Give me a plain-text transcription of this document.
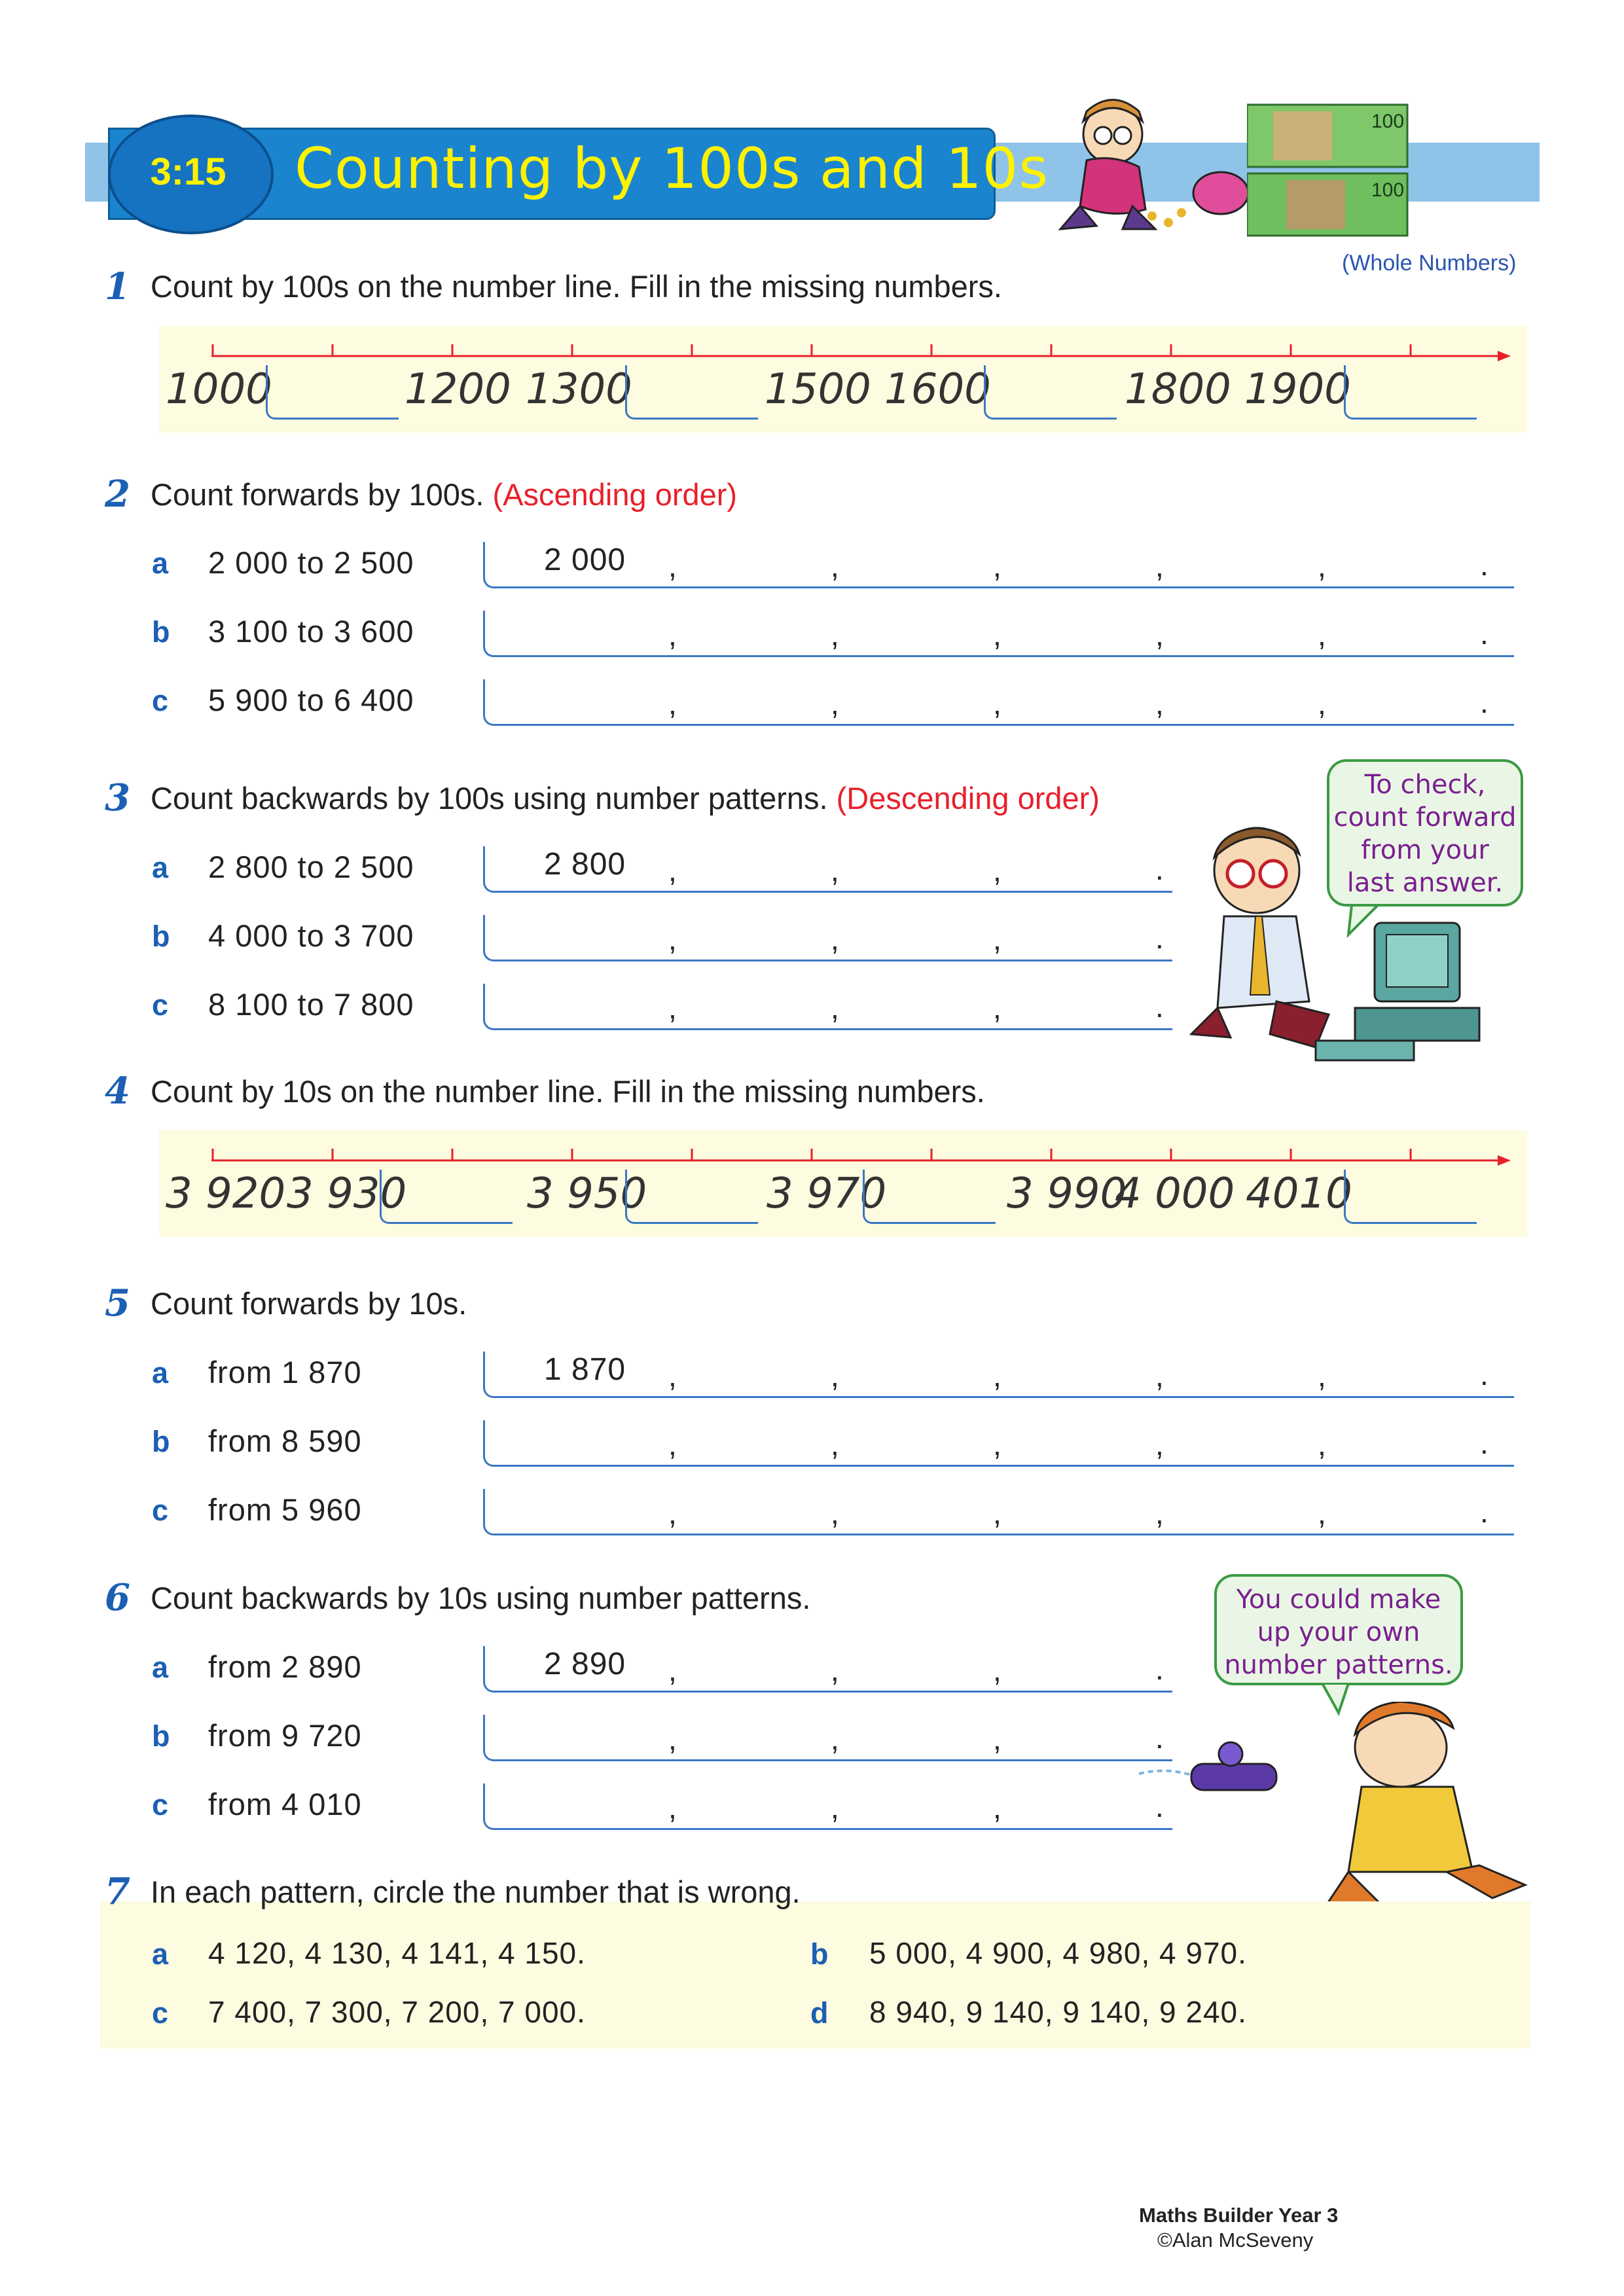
3:15	Counting by 100s and 10s
100
100
(Whole Numbers)
1 Count by 100s on the number line. Fill in the missing numbers.
1000	1200 1300	1500 1600	1800 1900
2 Count forwards by 100s. (Ascending order)
a 2 000 to 2 500	2 000 ,	,	,	,	,	.
b 3 100 to 3 600	,	,	,	,	,	.
c 5 900 to 6 400	,	,	,	,	,	.
3 Count backwards by 100s using number patterns. (Descending order)
a 2 800 to 2 500	2 800 ,	,	,	.
b 4 000 to 3 700	,	,	,	.
c 8 100 to 7 800	,	,	,	.
To check,
count forward
from your
last answer.
4 Count by 10s on the number line. Fill in the missing numbers.
3 920 3 930	3 950	3 970	3 990
4 000 4010
5 Count forwards by 10s.
a from 1 870	1 870 ,	,	,	,	,	.
b from 8 590	,	,	,	,	,	.
c from 5 960	,	,	,	,	,	.
6 Count backwards by 10s using number patterns.
a from 2 890	2 890 ,	,	,	.
b from 9 720	,	,	,	.
c from 4 010	,	,	,	.
You could make
up your own
number patterns.
7 In each pattern, circle the number that is wrong.
a 4 120, 4 130, 4 141, 4 150.	b 5 000, 4 900, 4 980, 4 970.
c 7 400, 7 300, 7 200, 7 000.	d 8 940, 9 140, 9 140, 9 240.
Maths Builder Year 3
©Alan McSeveny
